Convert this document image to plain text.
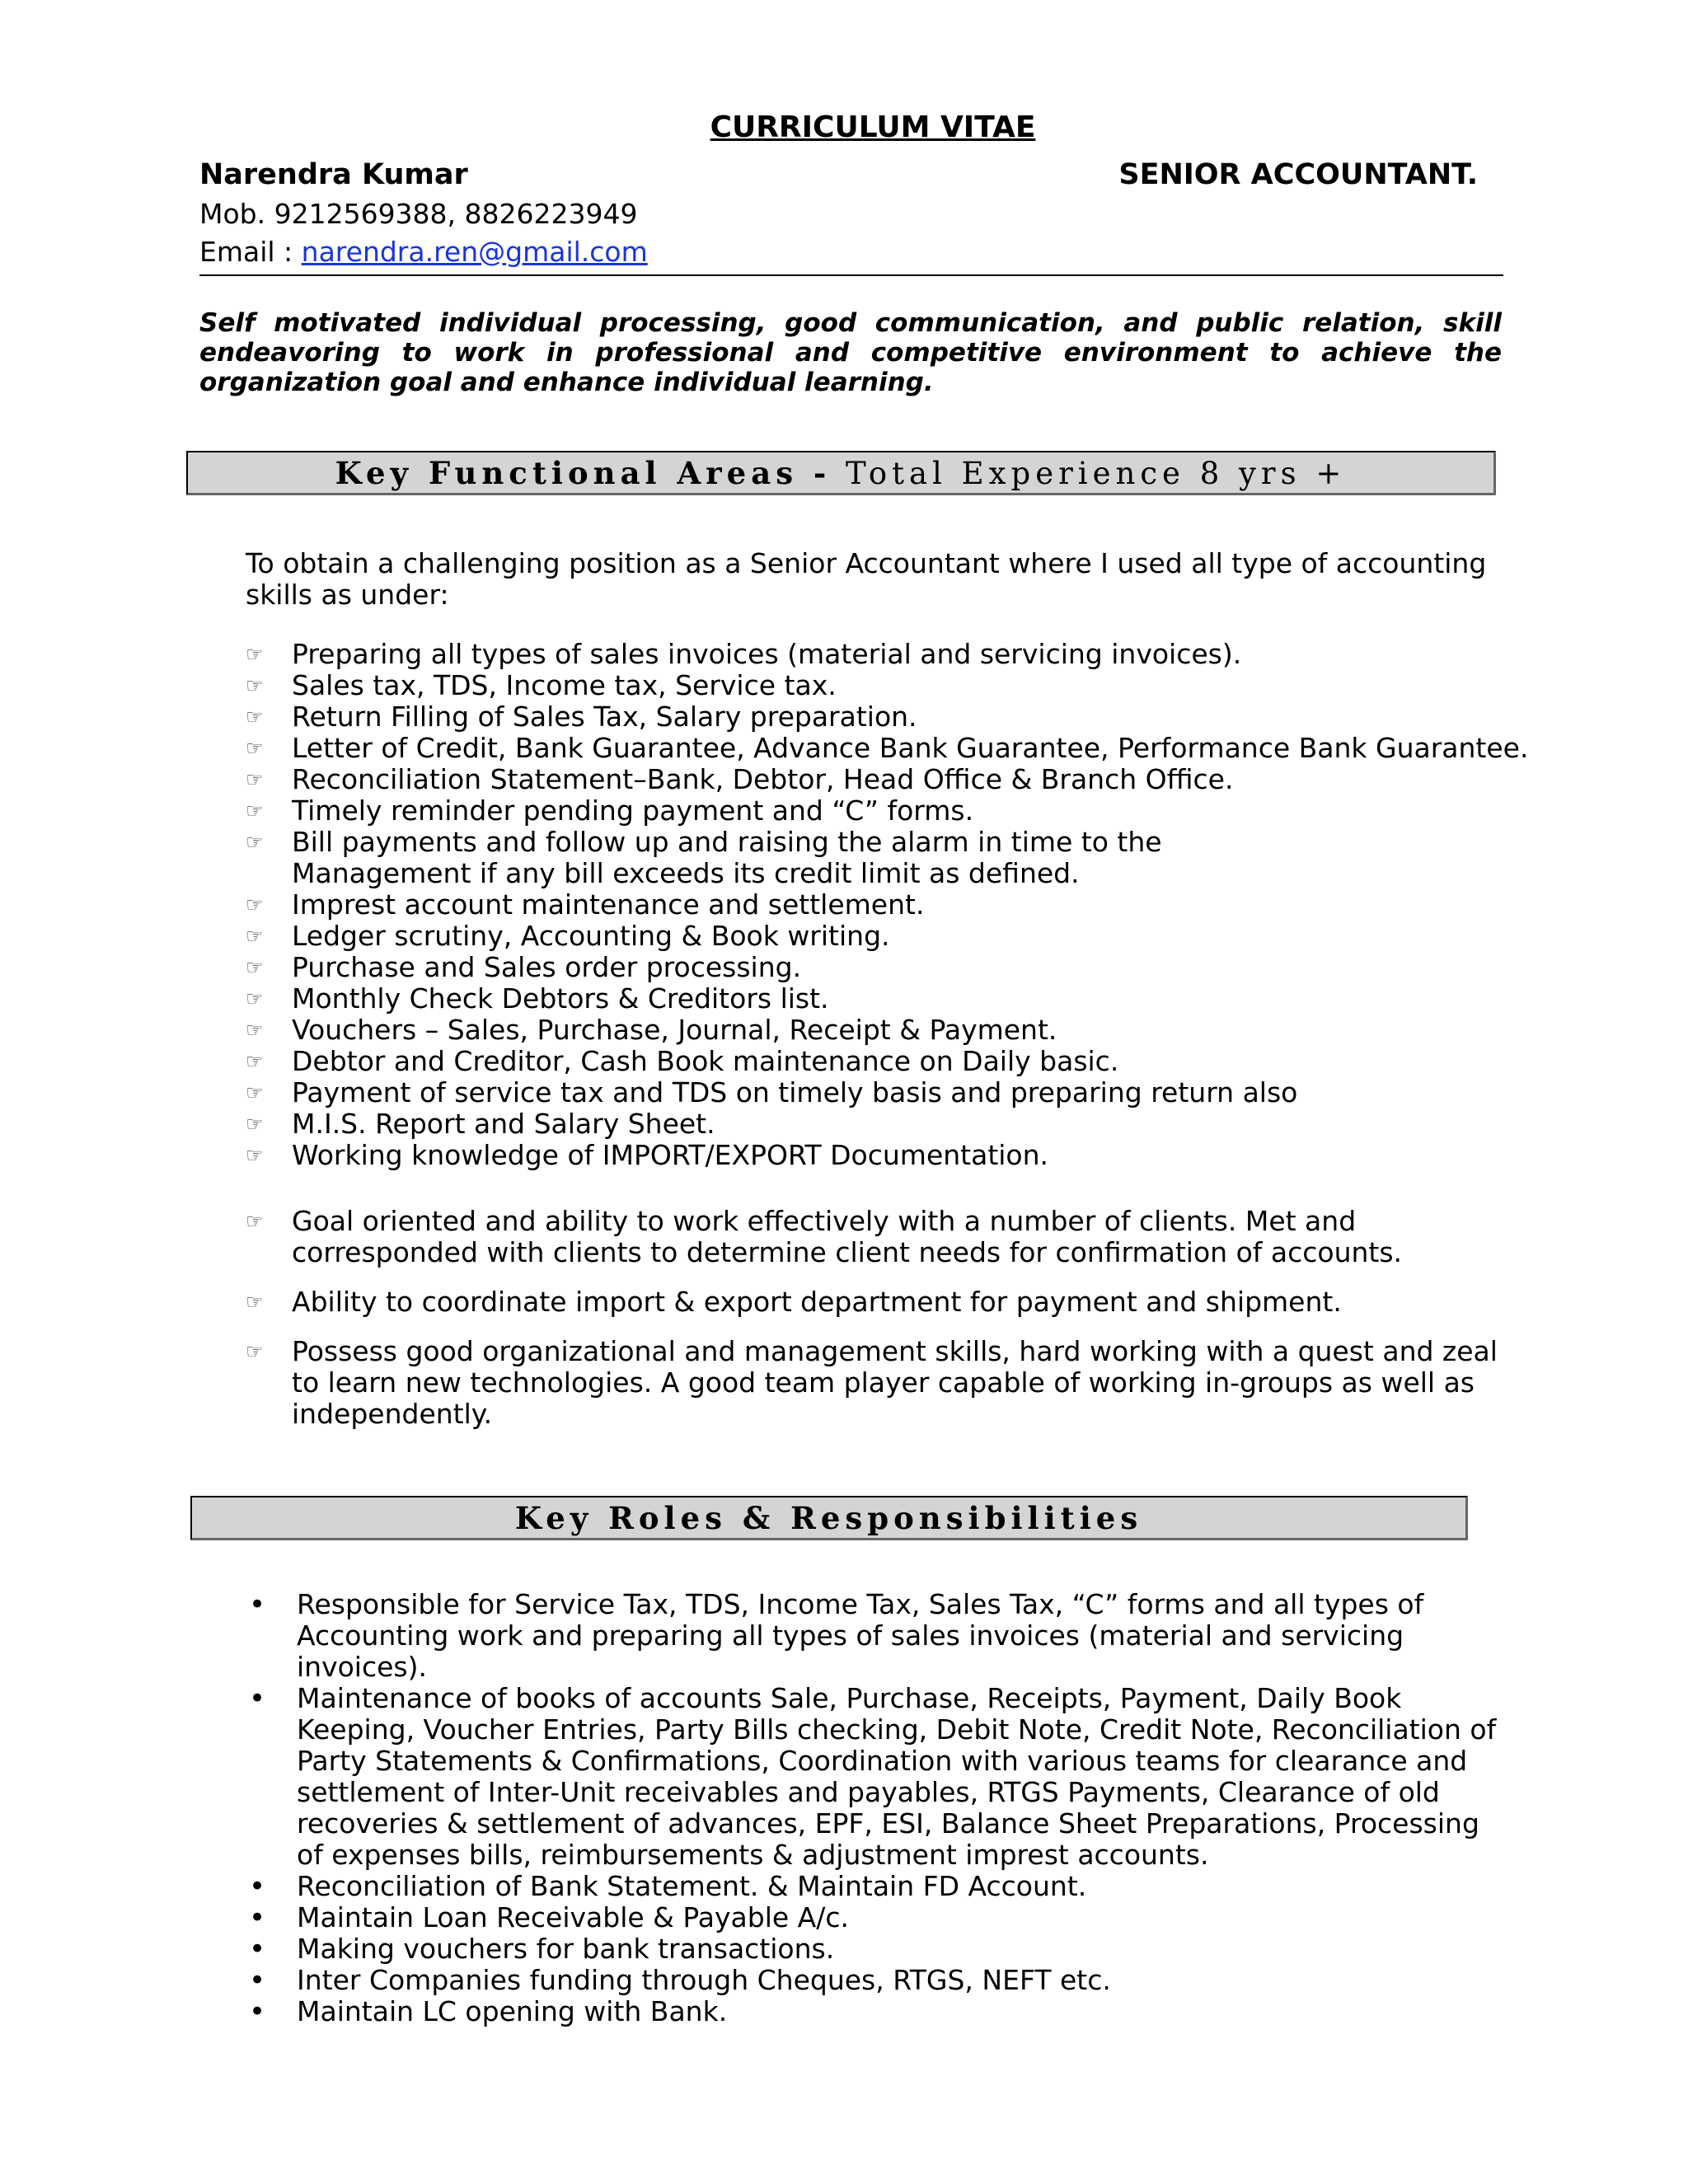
CURRICULUM VITAE
Narendra Kumar	SENIOR ACCOUNTANT.
Mob. 9212569388, 8826223949
Email : narendra.ren@gmail.com
Self motivated individual processing, good communication, and public relation, skill endeavoring to work in professional and competitive environment to achieve the organization goal and enhance individual learning.
Key Functional Areas - Total Experience 8 yrs +
To obtain a challenging position as a Senior Accountant where I used all type of accounting skills as under:
☞ Preparing all types of sales invoices (material and servicing invoices).
☞ Sales tax, TDS, Income tax, Service tax.
☞ Return Filling of Sales Tax, Salary preparation.
☞ Letter of Credit, Bank Guarantee, Advance Bank Guarantee, Performance Bank Guarantee.
☞ Reconciliation Statement–Bank, Debtor, Head Office & Branch Office.
☞ Timely reminder pending payment and “C” forms.
☞ Bill payments and follow up and raising the alarm in time to the Management if any bill exceeds its credit limit as defined.
☞ Imprest account maintenance and settlement.
☞ Ledger scrutiny, Accounting & Book writing.
☞ Purchase and Sales order processing.
☞ Monthly Check Debtors & Creditors list.
☞ Vouchers – Sales, Purchase, Journal, Receipt & Payment.
☞ Debtor and Creditor, Cash Book maintenance on Daily basic.
☞ Payment of service tax and TDS on timely basis and preparing return also
☞ M.I.S. Report and Salary Sheet.
☞ Working knowledge of IMPORT/EXPORT Documentation.
☞ Goal oriented and ability to work effectively with a number of clients. Met and corresponded with clients to determine client needs for confirmation of accounts.
☞ Ability to coordinate import & export department for payment and shipment.
☞ Possess good organizational and management skills, hard working with a quest and zeal to learn new technologies. A good team player capable of working in-groups as well as independently.
Key Roles & Responsibilities
• Responsible for Service Tax, TDS, Income Tax, Sales Tax, “C” forms and all types of Accounting work and preparing all types of sales invoices (material and servicing invoices).
• Maintenance of books of accounts Sale, Purchase, Receipts, Payment, Daily Book Keeping, Voucher Entries, Party Bills checking, Debit Note, Credit Note, Reconciliation of Party Statements & Confirmations, Coordination with various teams for clearance and settlement of Inter-Unit receivables and payables, RTGS Payments, Clearance of old recoveries & settlement of advances, EPF, ESI, Balance Sheet Preparations, Processing of expenses bills, reimbursements & adjustment imprest accounts.
• Reconciliation of Bank Statement. & Maintain FD Account.
• Maintain Loan Receivable & Payable A/c.
• Making vouchers for bank transactions.
• Inter Companies funding through Cheques, RTGS, NEFT etc.
• Maintain LC opening with Bank.
